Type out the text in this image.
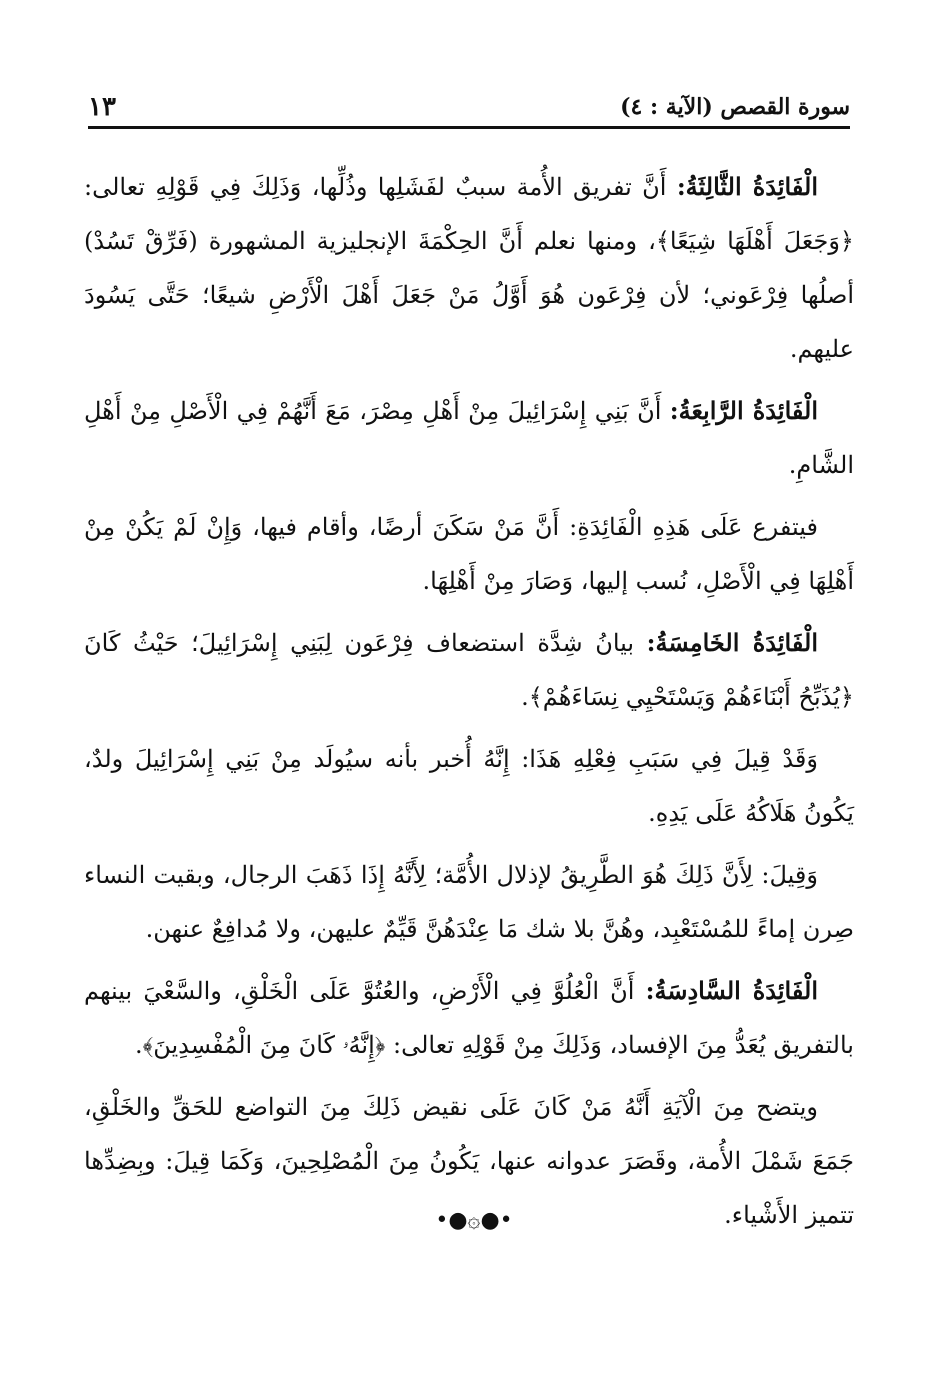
سورة القصص (الآية : ٤)
١٣

الْفَائِدَةُ الثَّالِثَةُ: أَنَّ تفريق الأُمة سببٌ لفَشَلِها وذُلِّها، وَذَلِكَ فِي قَوْلِهِ تعالى: ﴿وَجَعَلَ أَهْلَهَا شِيَعًا﴾، ومنها نعلم أَنَّ الحِكْمَةَ الإنجليزية المشهورة (فَرِّقْ تَسُدْ) أصلُها فِرْعَوني؛ لأن فِرْعَون هُوَ أَوَّلُ مَنْ جَعَلَ أَهْلَ الْأَرْضِ شيعًا؛ حَتَّى يَسُودَ عليهم.

الْفَائِدَةُ الرَّابِعَةُ: أَنَّ بَنِي إِسْرَائِيلَ مِنْ أَهْلِ مِصْرَ، مَعَ أَنَّهُمْ فِي الْأَصْلِ مِنْ أَهْلِ الشَّامِ.

فيتفرع عَلَى هَذِهِ الْفَائِدَةِ: أَنَّ مَنْ سَكَنَ أرضًا، وأقام فيها، وَإِنْ لَمْ يَكُنْ مِنْ أَهْلِهَا فِي الْأَصْلِ، نُسب إليها، وَصَارَ مِنْ أَهْلِهَا.

الْفَائِدَةُ الخَامِسَةُ: بيانُ شِدَّة استضعاف فِرْعَون لِبَنِي إِسْرَائِيلَ؛ حَيْثُ كَانَ ﴿يُذَبِّحُ أَبْنَاءَهُمْ وَيَسْتَحْيِي نِسَاءَهُمْ﴾.

وَقَدْ قِيلَ فِي سَبَبِ فِعْلِهِ هَذَا: إِنَّهُ أُخبر بأنه سيُولَد مِنْ بَنِي إِسْرَائِيلَ ولدٌ، يَكُونُ هَلَاكُهُ عَلَى يَدِهِ.

وَقِيلَ: لِأَنَّ ذَلِكَ هُوَ الطَّرِيقُ لإذلال الأُمَّة؛ لِأَنَّهُ إِذَا ذَهَبَ الرجال، وبقيت النساء صِرن إماءً للمُسْتَعْبِد، وهُنَّ بلا شك مَا عِنْدَهُنَّ قَيِّمٌ عليهن، ولا مُدافِعٌ عنهن.

الْفَائِدَةُ السَّادِسَةُ: أَنَّ الْعُلُوَّ فِي الْأَرْضِ، والعُتُوَّ عَلَى الْخَلْقِ، والسَّعْيَ بينهم بالتفريق يُعَدُّ مِنَ الإفساد، وَذَلِكَ مِنْ قَوْلِهِ تعالى: ﴿إِنَّهُۥ كَانَ مِنَ الْمُفْسِدِينَ﴾.

ويتضح مِنَ الْآيَةِ أَنَّهُ مَنْ كَانَ عَلَى نقيض ذَلِكَ مِنَ التواضع للحَقِّ والخَلْقِ، جَمَعَ شَمْلَ الأُمة، وقَصَرَ عدوانه عنها، يَكُونُ مِنَ الْمُصْلِحِينَ، وَكَمَا قِيلَ: وبِضِدِّها تتميز الأَشْياء.

•●۞●•
